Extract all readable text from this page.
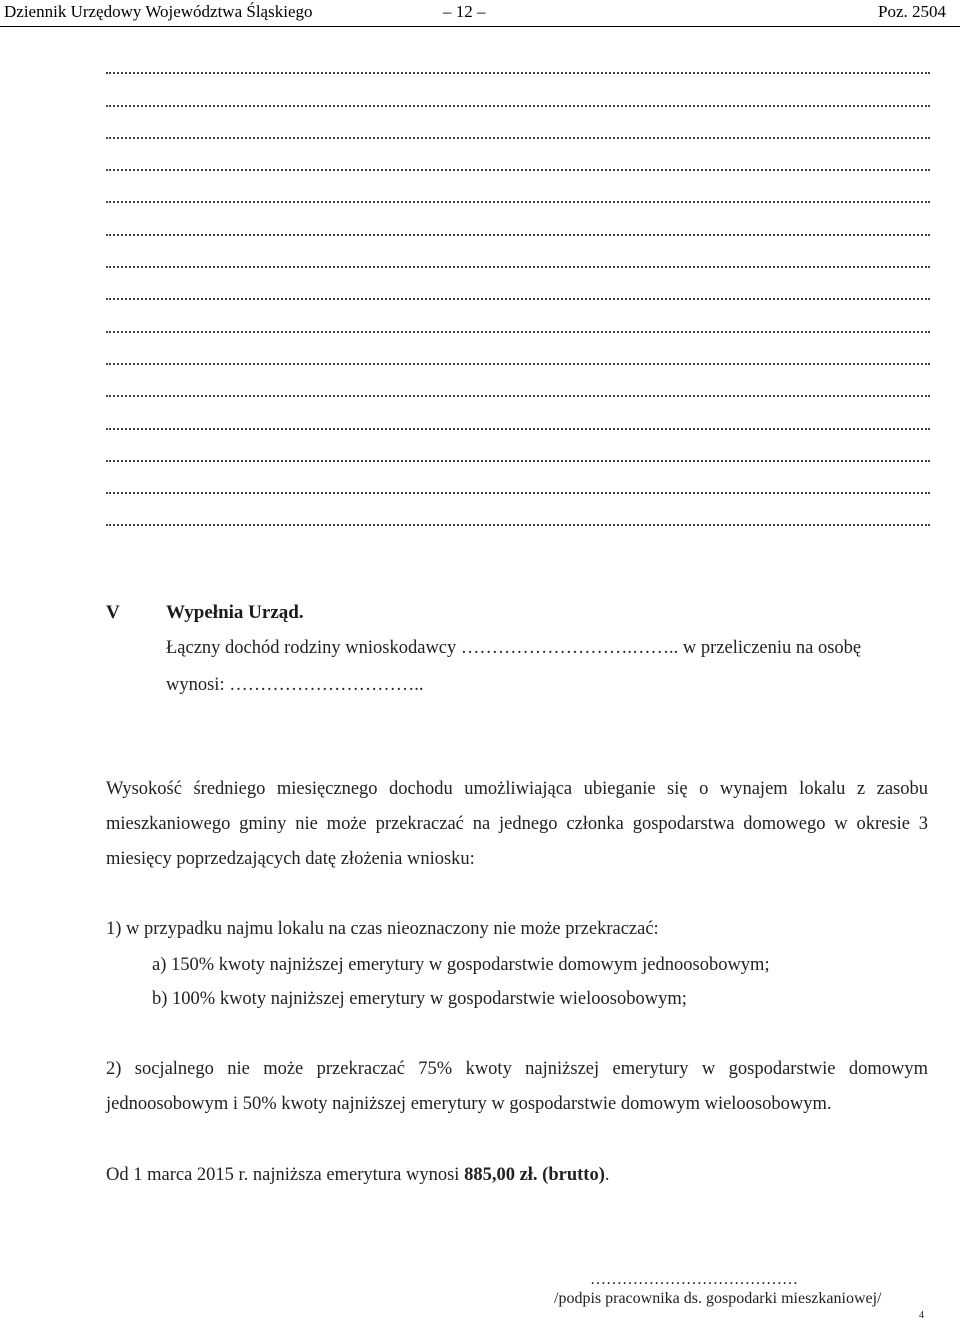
Dziennik Urzędowy Województwa Śląskiego	– 12 –	Poz. 2504
V Wypełnia Urząd.
Łączny dochód rodziny wnioskodawcy ……………………….…….. w przeliczeniu na osobę
wynosi: …………………………..
Wysokość średniego miesięcznego dochodu umożliwiająca ubieganie się o wynajem lokalu z zasobu mieszkaniowego gminy nie może przekraczać na jednego członka gospodarstwa domowego w okresie 3 miesięcy poprzedzających datę złożenia wniosku:
1) w przypadku najmu lokalu na czas nieoznaczony nie może przekraczać:
a) 150% kwoty najniższej emerytury w gospodarstwie domowym jednoosobowym;
b) 100% kwoty najniższej emerytury w gospodarstwie wieloosobowym;
2) socjalnego nie może przekraczać 75% kwoty najniższej emerytury w gospodarstwie domowym jednoosobowym i 50% kwoty najniższej emerytury w gospodarstwie domowym wieloosobowym.
Od 1 marca 2015 r. najniższa emerytura wynosi 885,00 zł. (brutto).
…………………………………
/podpis pracownika ds. gospodarki mieszkaniowej/
4
